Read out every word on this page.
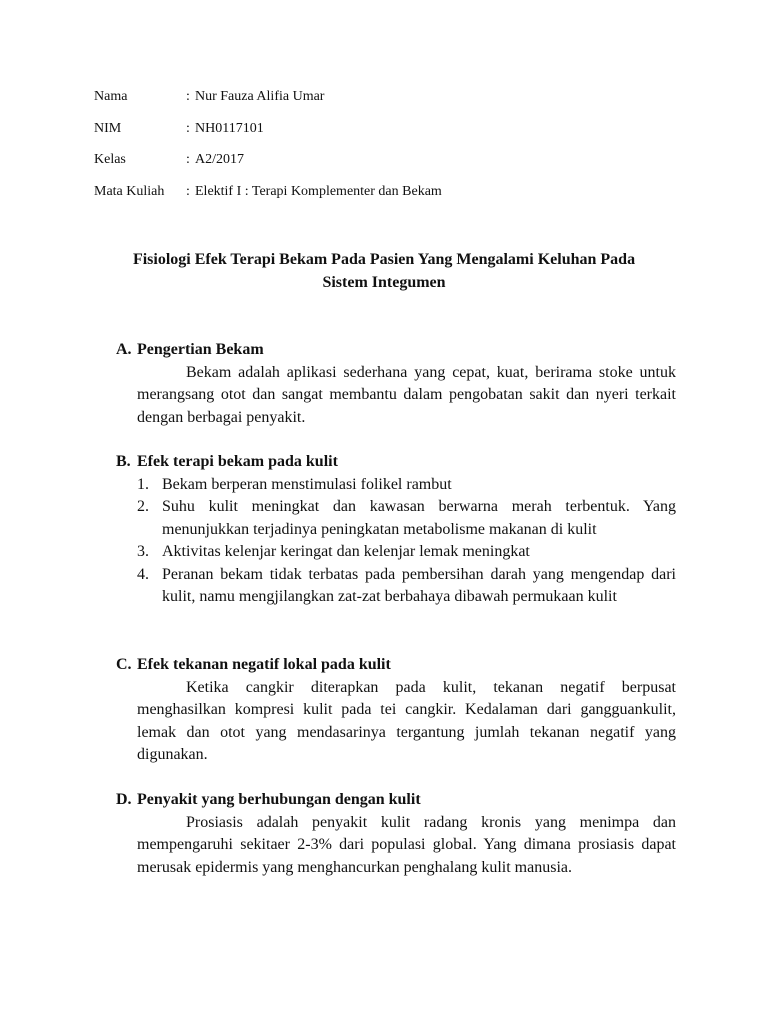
Nama	: Nur Fauza Alifia Umar
NIM	: NH0117101
Kelas	: A2/2017
Mata Kuliah	: Elektif I : Terapi Komplementer dan Bekam
Fisiologi Efek Terapi Bekam Pada Pasien Yang Mengalami Keluhan Pada
Sistem Integumen
A. Pengertian Bekam
Bekam adalah aplikasi sederhana yang cepat, kuat, berirama stoke untuk merangsang otot dan sangat membantu dalam pengobatan sakit dan nyeri terkait dengan berbagai penyakit.
B. Efek terapi bekam pada kulit
1. Bekam berperan menstimulasi folikel rambut
2. Suhu kulit meningkat dan kawasan berwarna merah terbentuk. Yang menunjukkan terjadinya peningkatan metabolisme makanan di kulit
3. Aktivitas kelenjar keringat dan kelenjar lemak meningkat
4. Peranan bekam tidak terbatas pada pembersihan darah yang mengendap dari kulit, namu mengjilangkan zat-zat berbahaya dibawah permukaan kulit
C. Efek tekanan negatif lokal pada kulit
Ketika cangkir diterapkan pada kulit, tekanan negatif berpusat menghasilkan kompresi kulit pada tei cangkir. Kedalaman dari gangguankulit, lemak dan otot yang mendasarinya tergantung jumlah tekanan negatif yang digunakan.
D. Penyakit yang berhubungan dengan kulit
Prosiasis adalah penyakit kulit radang kronis yang menimpa dan mempengaruhi sekitaer 2-3% dari populasi global. Yang dimana prosiasis dapat merusak epidermis yang menghancurkan penghalang kulit manusia.
